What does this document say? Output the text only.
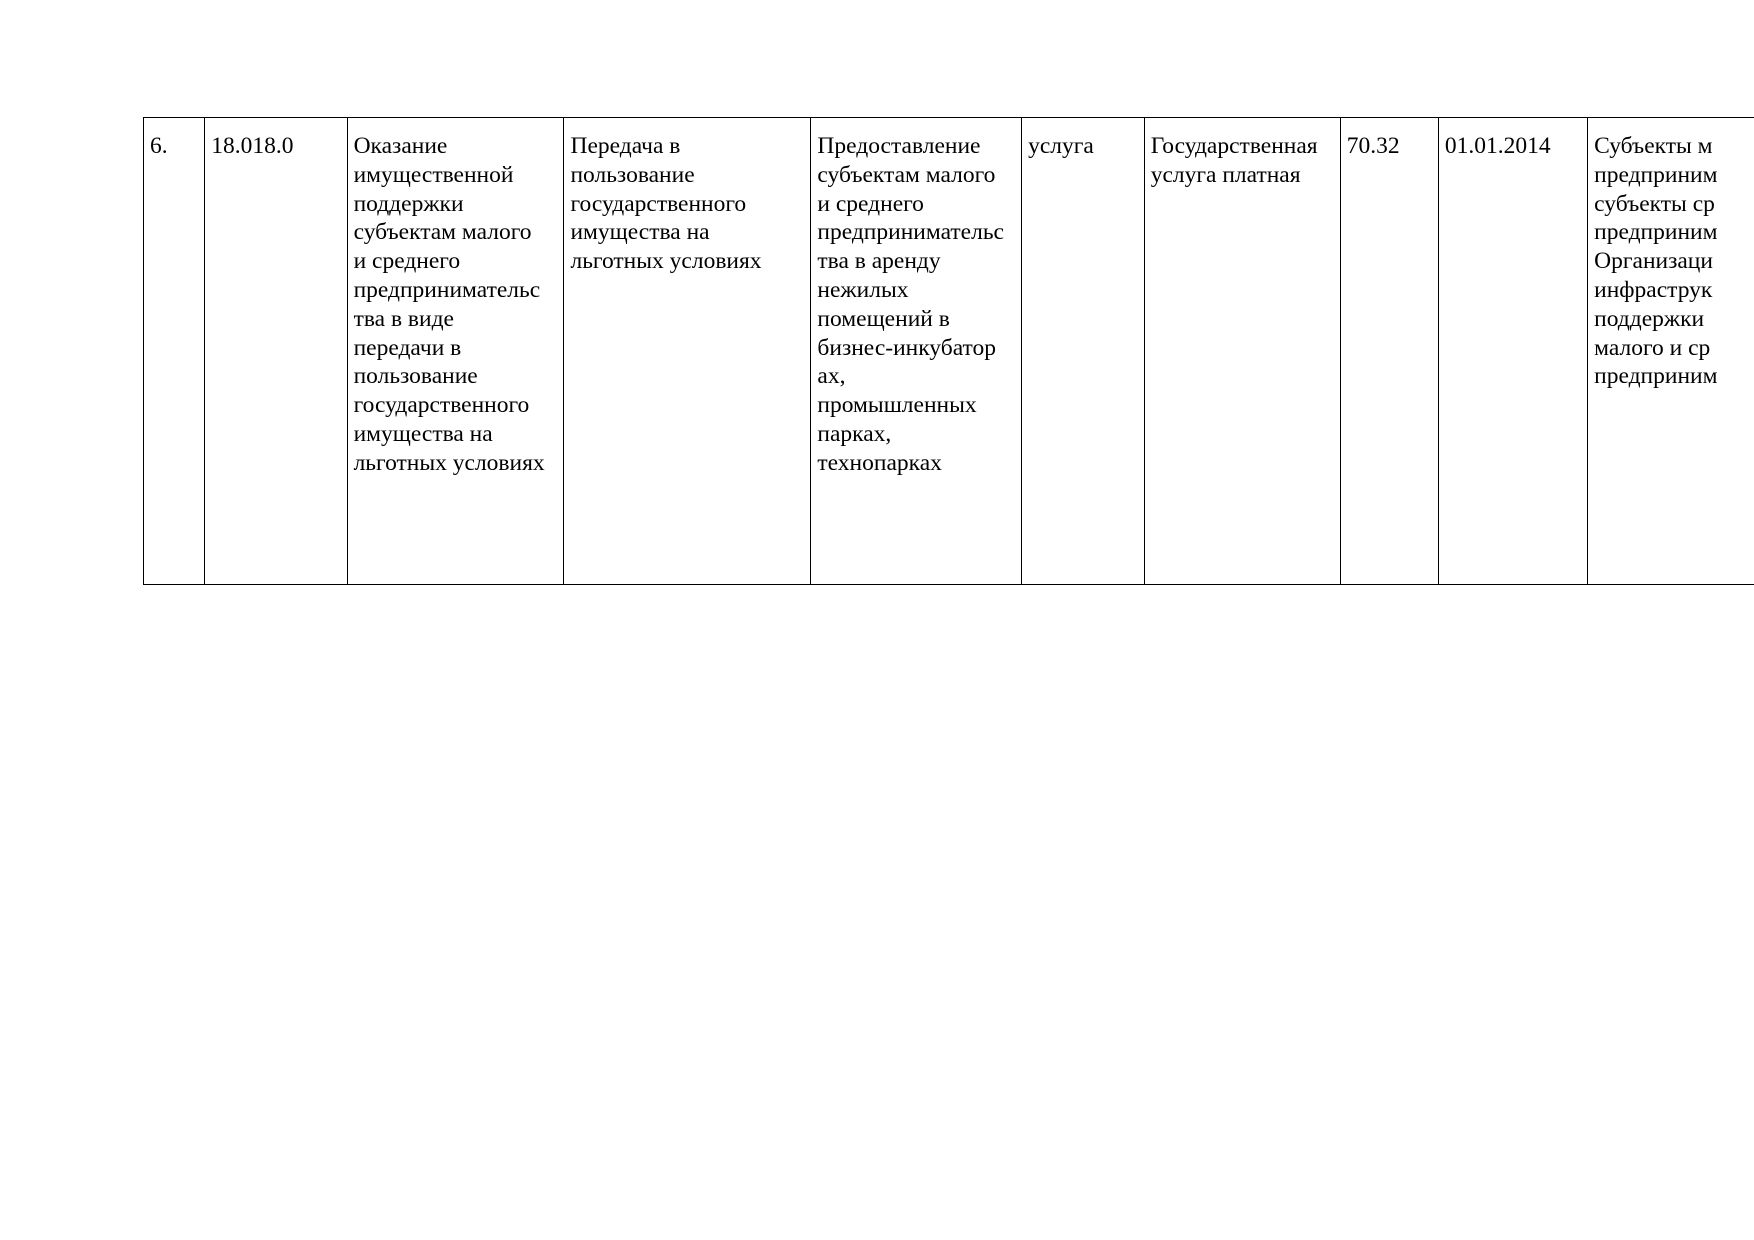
6.	18.018.0	Оказание
имущественной
поддержки
субъектам малого
и среднего
предпринимательс
тва в виде
передачи в
пользование
государственного
имущества на
льготных условиях	Передача в
пользование
государственного
имущества на
льготных условиях	Предоставление
субъектам малого
и среднего
предпринимательс
тва в аренду
нежилых
помещений в
бизнес-инкубатор
ах,
промышленных
парках,
технопарках	услуга	Государственная
услуга платная	70.32	01.01.2014	Субъекты м
предприним
субъекты ср
предприним
Организаци
инфраструк
поддержки
малого и ср
предприним
